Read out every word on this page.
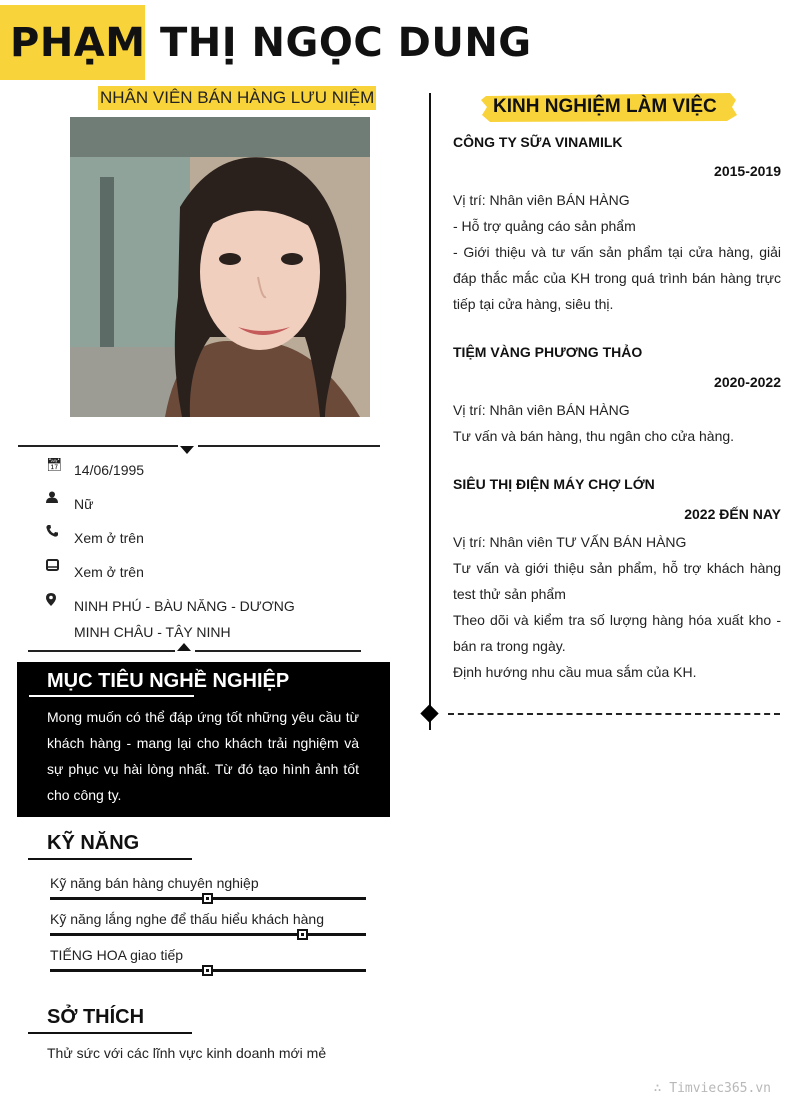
PHẠM THỊ NGỌC DUNG
NHÂN VIÊN BÁN HÀNG LƯU NIỆM
📅︎ 14/06/1995
Nữ
Xem ở trên
Xem ở trên
NINH PHÚ - BÀU NĂNG - DƯƠNG MINH CHÂU - TÂY NINH
MỤC TIÊU NGHỀ NGHIỆP
Mong muốn có thể đáp ứng tốt những yêu cầu từ khách hàng - mang lại cho khách trải nghiệm và sự phục vụ hài lòng nhất. Từ đó tạo hình ảnh tốt cho công ty.
KỸ NĂNG
Kỹ năng bán hàng chuyên nghiệp
Kỹ năng lắng nghe để thấu hiểu khách hàng
TIẾNG HOA giao tiếp
SỞ THÍCH
Thử sức với các lĩnh vực kinh doanh mới mẻ
KINH NGHIỆM LÀM VIỆC
CÔNG TY SỮA VINAMILK
2015-2019
Vị trí: Nhân viên BÁN HÀNG
- Hỗ trợ quảng cáo sản phẩm
- Giới thiệu và tư vấn sản phẩm tại cửa hàng, giải đáp thắc mắc của KH trong quá trình bán hàng trực tiếp tại cửa hàng, siêu thị.
TIỆM VÀNG PHƯƠNG THẢO
2020-2022
Vị trí: Nhân viên BÁN HÀNG
Tư vấn và bán hàng, thu ngân cho cửa hàng.
SIÊU THỊ ĐIỆN MÁY CHỢ LỚN
2022 ĐẾN NAY
Vị trí: Nhân viên TƯ VẤN BÁN HÀNG
Tư vấn và giới thiệu sản phẩm, hỗ trợ khách hàng test thử sản phẩm
Theo dõi và kiểm tra số lượng hàng hóa xuất kho - bán ra trong ngày.
Định hướng nhu cầu mua sắm của KH.
∴ Timviec365.vn
